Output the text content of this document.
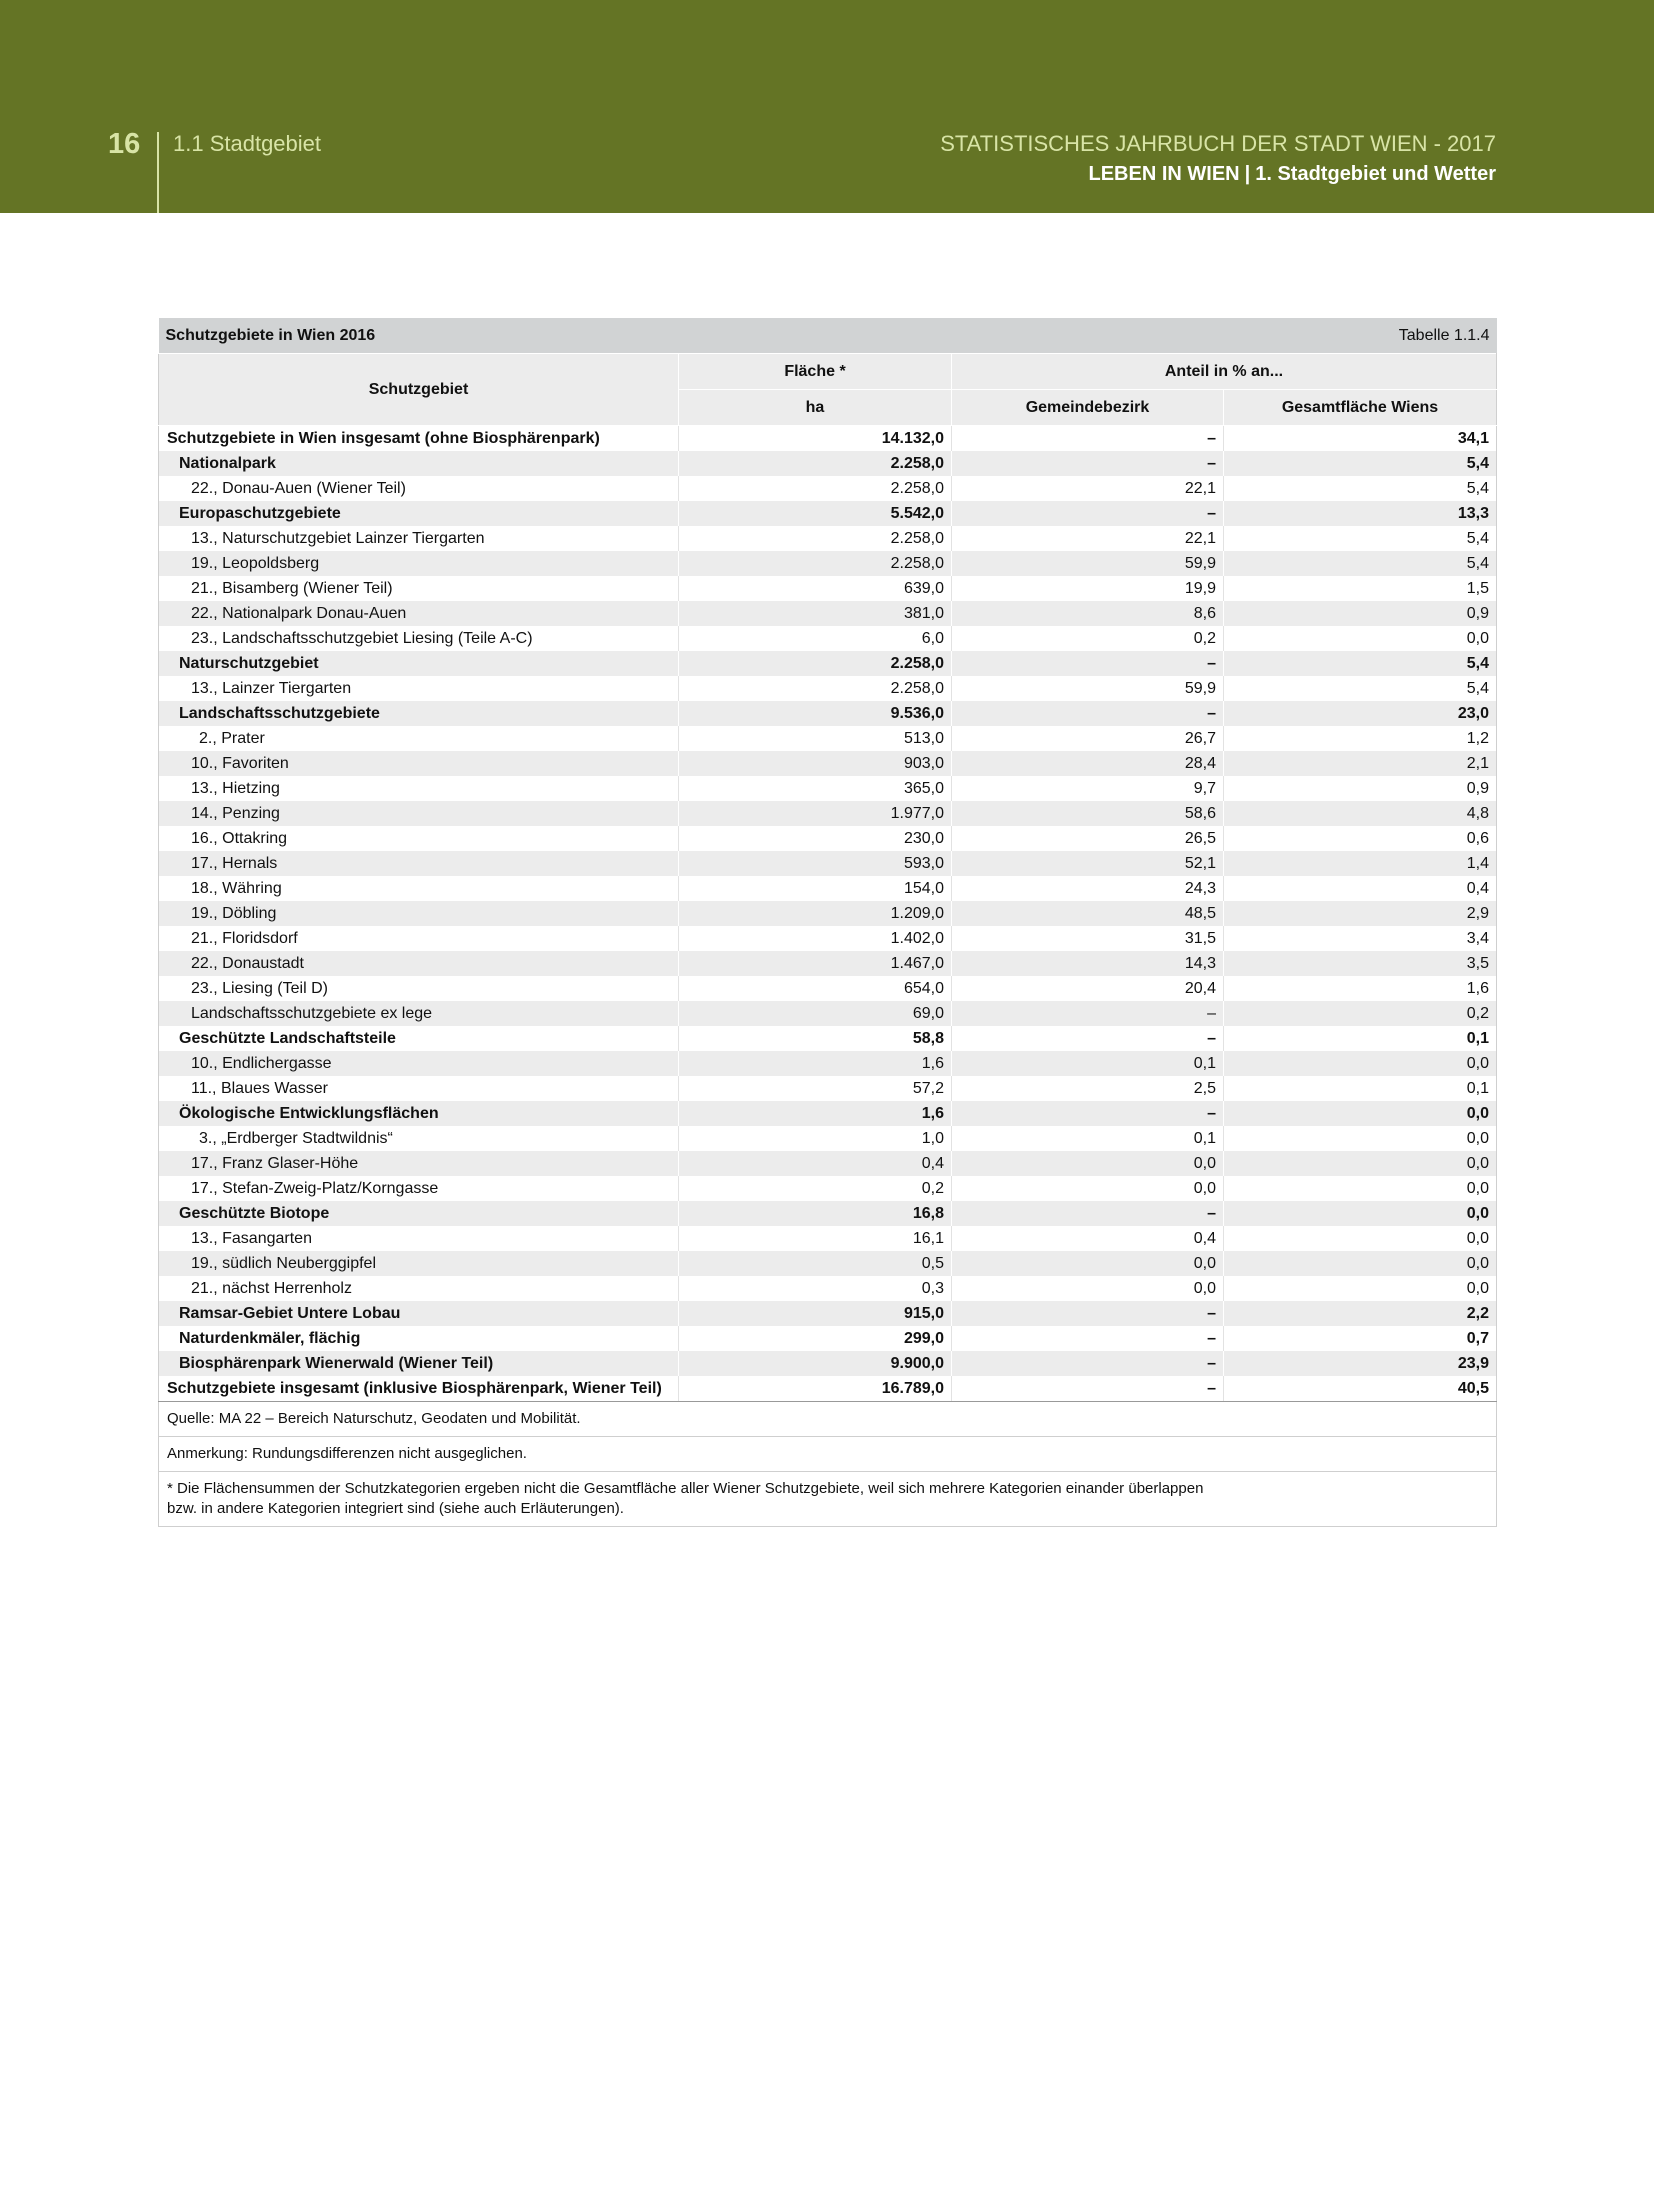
16 1.1 Stadtgebiet	STATISTISCHES JAHRBUCH DER STADT WIEN - 2017
LEBEN IN WIEN | 1. Stadtgebiet und Wetter
Schutzgebiete in Wien 2016			Tabelle 1.1.4
Schutzgebiet	Fläche *	Anteil in % an...	
	ha	Gemeindebezirk	Gesamtfläche Wiens
Schutzgebiete in Wien insgesamt (ohne Biosphärenpark)	14.132,0	–	34,1
Nationalpark	2.258,0	–	5,4
22., Donau-Auen (Wiener Teil)	2.258,0	22,1	5,4
Europaschutzgebiete	5.542,0	–	13,3
13., Naturschutzgebiet Lainzer Tiergarten	2.258,0	22,1	5,4
19., Leopoldsberg	2.258,0	59,9	5,4
21., Bisamberg (Wiener Teil)	639,0	19,9	1,5
22., Nationalpark Donau-Auen	381,0	8,6	0,9
23., Landschaftsschutzgebiet Liesing (Teile A-C)	6,0	0,2	0,0
Naturschutzgebiet	2.258,0	–	5,4
13., Lainzer Tiergarten	2.258,0	59,9	5,4
Landschaftsschutzgebiete	9.536,0	–	23,0
2., Prater	513,0	26,7	1,2
10., Favoriten	903,0	28,4	2,1
13., Hietzing	365,0	9,7	0,9
14., Penzing	1.977,0	58,6	4,8
16., Ottakring	230,0	26,5	0,6
17., Hernals	593,0	52,1	1,4
18., Währing	154,0	24,3	0,4
19., Döbling	1.209,0	48,5	2,9
21., Floridsdorf	1.402,0	31,5	3,4
22., Donaustadt	1.467,0	14,3	3,5
23., Liesing (Teil D)	654,0	20,4	1,6
Landschaftsschutzgebiete ex lege	69,0	–	0,2
Geschützte Landschaftsteile	58,8	–	0,1
10., Endlichergasse	1,6	0,1	0,0
11., Blaues Wasser	57,2	2,5	0,1
Ökologische Entwicklungsflächen	1,6	–	0,0
3., „Erdberger Stadtwildnis“	1,0	0,1	0,0
17., Franz Glaser-Höhe	0,4	0,0	0,0
17., Stefan-Zweig-Platz/Korngasse	0,2	0,0	0,0
Geschützte Biotope	16,8	–	0,0
13., Fasangarten	16,1	0,4	0,0
19., südlich Neuberggipfel	0,5	0,0	0,0
21., nächst Herrenholz	0,3	0,0	0,0
Ramsar-Gebiet Untere Lobau	915,0	–	2,2
Naturdenkmäler, flächig	299,0	–	0,7
Biosphärenpark Wienerwald (Wiener Teil)	9.900,0	–	23,9
Schutzgebiete insgesamt (inklusive Biosphärenpark, Wiener Teil)	16.789,0	–	40,5
Quelle: MA 22 – Bereich Naturschutz, Geodaten und Mobilität.			
Anmerkung: Rundungsdifferenzen nicht ausgeglichen.			

* Die Flächensummen der Schutzkategorien ergeben nicht die Gesamtfläche aller Wiener Schutzgebiete, weil sich mehrere Kategorien einander überlappen
bzw. in andere Kategorien integriert sind (siehe auch Erläuterungen).			
